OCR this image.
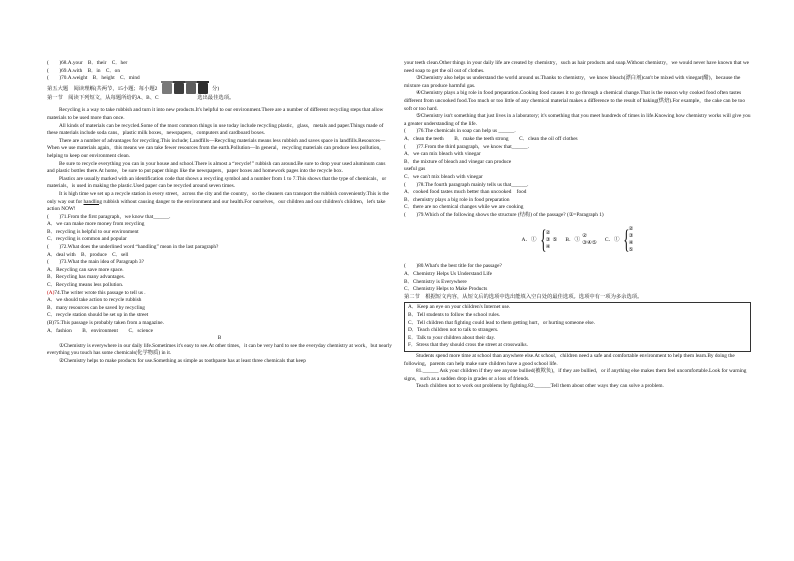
(　　)68.A.your　B．their　C．her

(　　)69.A.with　B．in　C．on

(　　)70.A.weight　B．height　C．mind

第五大题　阅读理解(共两节，15小题；每小题2	分)

第一节　阅读下列短文，从每题所给的A、B、C	选出最佳选项。

Recycling is a way to take rubbish and turn it into new products.It's helpful to our environment.There are a number of different recycling steps that allow materials to be used more than once.

All kinds of materials can be recycled.Some of the most common things in use today include recycling plastic，glass，metals and paper.Things made of these materials include soda cans，plastic milk boxes，newspapers，computers and cardboard boxes.

There are a number of advantages for recycling.This include; Landfills—Recycling materials means less rubbish and saves space in landfills.Resources—When we use materials again，this means we can take fewer resources from the earth.Pollution—In general，recycling materials can produce less pollution，helping to keep our environment clean.

Be sure to recycle everything you can in your house and school.There is almost a “recycle!” rubbish can around.Be sure to drop your used aluminum cans and plastic bottles there.At home，be sure to put paper things like the newspapers，paper boxes and homework pages into the recycle box.

Plastics are usually marked with an identification code that shows a recycling symbol and a number from 1 to 7.This shows that the type of chemicals，or materials，is used in making the plastic.Used paper can be recycled around seven times.

It is high time we set up a recycle station in every street，across the city and the country，so the cleaners can transport the rubbish conveniently.This is the only way out for handling rubbish without causing danger to the environment and our health.For ourselves，our children and our children's children，let's take action NOW!

(　　)71.From the first paragraph，we know that______.

A．we can make more money from recycling

B．recycling is helpful to our environment

C．recycling is common and popular

(　　)72.What does the underlined word “handling” mean in the last paragraph?

A．deal with　B．produce　C．sell

(　　)73.What the main idea of Paragraph 3?

A．Recycling can save more space.

B．Recycling has many advantages.

C．Recycling means less pollution.

(A)74.The writer wrote this passage to tell us .

A．we should take action to recycle rubbish

B．many resources can be saved by recycling

C．recycle station should be set up in the street

(B)75.This passage is probably taken from a magazine.

A．fashion　　B．environment　　C．science

B

①Chemistry is everywhere in our daily life.Sometimes it's easy to see.At other times，it can be very hard to see the everyday chemistry at work，but nearly everything you touch has some chemicals(化学物质) in it.

②Chemistry helps to make products for use.Something as simple as toothpaste has at least three chemicals that keep

your teeth clean.Other things in your daily life are created by chemistry，such as hair products and soap.Without chemistry，we would never have known that we need soap to get the oil out of clothes.

③Chemistry also helps us understand the world around us.Thanks to chemistry，we know bleach(漂白剂)can't be mixed with vinegar(醋)，because the mixture can produce harmful gas.

④Chemistry plays a big role in food preparation.Cooking food causes it to go through a chemical change.That is the reason why cooked food often tastes different from uncooked food.Too much or too little of any chemical material makes a difference to the result of baking(烘焙).For example，the cake can be too soft or too hard.

⑤Chemistry isn't something that just lives in a laboratory; it's something that you meet hundreds of times in life.Knowing how chemistry works will give you a greater understanding of the life.

(　　)76.The chemicals in soap can help us ______.

A．clean the teeth　　B．make the teeth strong　　C．clean the oil off clothes

(　　)77.From the third paragraph，we know that______.

A．we can mix bleach with vinegar

B．the mixture of bleach and vinegar can produce

useful gas

C．we can't mix bleach with vinegar

(　　)78.The fourth paragraph mainly tells us that______.

A．cooked food tastes much better than uncooked　food

B．chemistry plays a big role in food preparation

C．there are no chemical changes while we are cooking

(　　)79.Which of the following shows the structure (结构) of the passage? (①=Paragraph 1)

A．① { ②
③
④
⑤ B．①
②
③④⑤
C．① { ②
③
④
⑤

(　　)80.What's the best title for the passage?

A．Chemistry Helps Us Understand Life

B．Chemistry is Everywhere

C．Chemistry Helps to Make Products

第二节　根据短文内容，从短文后的选项中选出能填入空白处的最佳选项。选项中有一项为多余选项。

A．Keep an eye on your children's Internet use.

B．Tell students to follow the school rules.

C．Tell children that fighting could lead to them getting hurt，or hurting someone else.

D．Teach children not to talk to strangers.

E．Talk to your children about their day.

F．Stress that they should cross the street at crosswalks.

Students spend more time at school than anywhere else.At school，children need a safe and comfortable environment to help them learn.By doing the following，parents can help make sure children have a good school life.

81.______ Ask your children if they see anyone bullied(被欺负)，if they are bullied，or if anything else makes them feel uncomfortable.Look for warning signs，such as a sudden drop in grades or a loss of friends.

Teach children not to work out problems by fighting.82.______Tell them about other ways they can solve a problem.
